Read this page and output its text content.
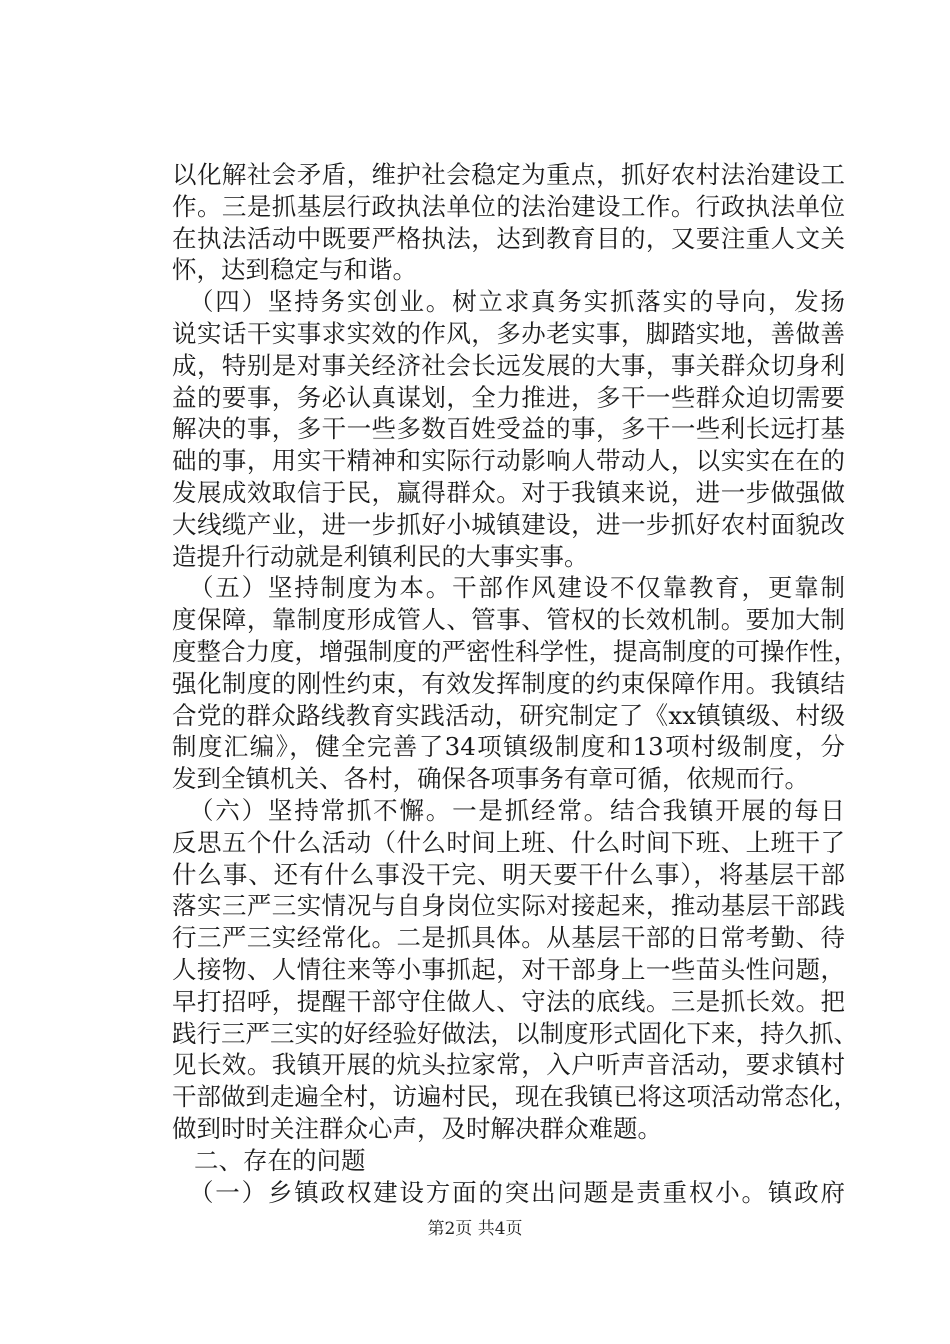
以化解社会矛盾，维护社会稳定为重点，抓好农村法治建设工
作。三是抓基层行政执法单位的法治建设工作。行政执法单位
在执法活动中既要严格执法，达到教育目的，又要注重人文关
怀，达到稳定与和谐。
（四）坚持务实创业。树立求真务实抓落实的导向，发扬
说实话干实事求实效的作风，多办老实事，脚踏实地，善做善
成，特别是对事关经济社会长远发展的大事，事关群众切身利
益的要事，务必认真谋划，全力推进，多干一些群众迫切需要
解决的事，多干一些多数百姓受益的事，多干一些利长远打基
础的事，用实干精神和实际行动影响人带动人，以实实在在的
发展成效取信于民，赢得群众。对于我镇来说，进一步做强做
大线缆产业，进一步抓好小城镇建设，进一步抓好农村面貌改
造提升行动就是利镇利民的大事实事。
（五）坚持制度为本。干部作风建设不仅靠教育，更靠制
度保障，靠制度形成管人、管事、管权的长效机制。要加大制
度整合力度，增强制度的严密性科学性，提高制度的可操作性，
强化制度的刚性约束，有效发挥制度的约束保障作用。我镇结
合党的群众路线教育实践活动，研究制定了《xx镇镇级、村级
制度汇编》，健全完善了34项镇级制度和13项村级制度，分
发到全镇机关、各村，确保各项事务有章可循，依规而行。
（六）坚持常抓不懈。一是抓经常。结合我镇开展的每日
反思五个什么活动（什么时间上班、什么时间下班、上班干了
什么事、还有什么事没干完、明天要干什么事），将基层干部
落实三严三实情况与自身岗位实际对接起来，推动基层干部践
行三严三实经常化。二是抓具体。从基层干部的日常考勤、待
人接物、人情往来等小事抓起，对干部身上一些苗头性问题，
早打招呼，提醒干部守住做人、守法的底线。三是抓长效。把
践行三严三实的好经验好做法，以制度形式固化下来，持久抓、
见长效。我镇开展的炕头拉家常，入户听声音活动，要求镇村
干部做到走遍全村，访遍村民，现在我镇已将这项活动常态化，
做到时时关注群众心声，及时解决群众难题。
二、存在的问题
（一）乡镇政权建设方面的突出问题是责重权小。镇政府
第2页 共4页
